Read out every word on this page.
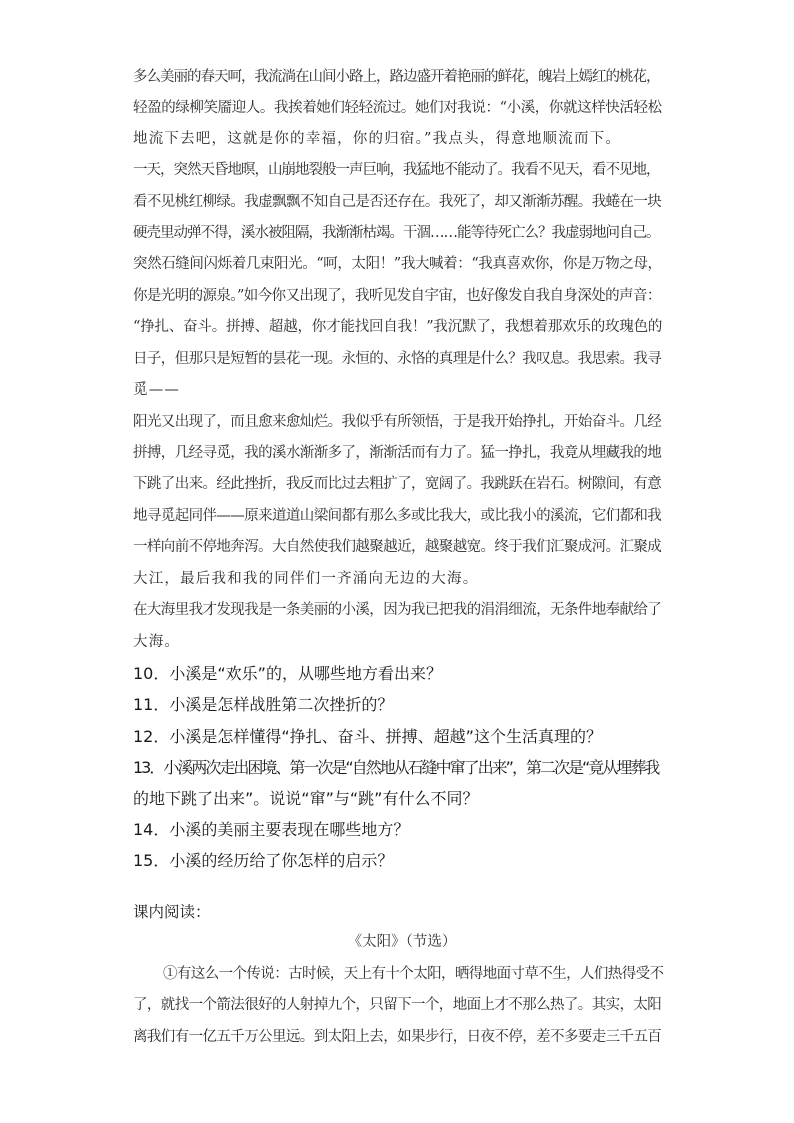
多么美丽的春天呵，我流淌在山间小路上，路边盛开着艳丽的鲜花，魄岩上嫣红的桃花，
轻盈的绿柳笑靥迎人。我挨着她们轻轻流过。她们对我说：“小溪，你就这样快活轻松
地流下去吧，这就是你的幸福，你的归宿。”我点头，得意地顺流而下。
一天，突然天昏地暝，山崩地裂般一声巨响，我猛地不能动了。我看不见天，看不见地，
看不见桃红柳绿。我虚飘飘不知自己是否还存在。我死了，却又渐渐苏醒。我蜷在一块
硬壳里动弹不得，溪水被阻隔，我渐渐枯竭。干涸……能等待死亡么？我虚弱地问自己。
突然石缝间闪烁着几束阳光。“呵，太阳！”我大喊着：“我真喜欢你，你是万物之母，
你是光明的源泉。”如今你又出现了，我听见发自宇宙，也好像发自我自身深处的声音：
“挣扎、奋斗。拼搏、超越，你才能找回自我！”我沉默了，我想着那欢乐的玫瑰色的
日子，但那只是短暂的昙花一现。永恒的、永恪的真理是什么？我叹息。我思索。我寻
觅——
阳光又出现了，而且愈来愈灿烂。我似乎有所领悟，于是我开始挣扎，开始奋斗。几经
拼搏，几经寻觅，我的溪水渐渐多了，渐渐活而有力了。猛一挣扎，我竟从埋藏我的地
下跳了出来。经此挫折，我反而比过去粗扩了，宽阔了。我跳跃在岩石。树隙间，有意
地寻觅起同伴——原来道道山梁间都有那么多或比我大，或比我小的溪流，它们都和我
一样向前不停地奔泻。大自然使我们越聚越近，越聚越宽。终于我们汇聚成河。汇聚成
大江，最后我和我的同伴们一齐涌向无边的大海。
在大海里我才发现我是一条美丽的小溪，因为我已把我的涓涓细流，无条件地奉献给了
大海。
10．小溪是“欢乐”的，从哪些地方看出来？
11．小溪是怎样战胜第二次挫折的？
12．小溪是怎样懂得“挣扎、奋斗、拼搏、超越”这个生活真理的？
13．小溪两次走出困境、第一次是“自然地从石缝中窜了出来”，第二次是“竟从埋葬我
的地下跳了出来”。说说“窜”与“跳”有什么不同？
14．小溪的美丽主要表现在哪些地方？
15．小溪的经历给了你怎样的启示？
课内阅读：
《太阳》（节选）
①有这么一个传说：古时候，天上有十个太阳，晒得地面寸草不生，人们热得受不
了，就找一个箭法很好的人射掉九个，只留下一个，地面上才不那么热了。其实，太阳
离我们有一亿五千万公里远。到太阳上去，如果步行，日夜不停，差不多要走三千五百
